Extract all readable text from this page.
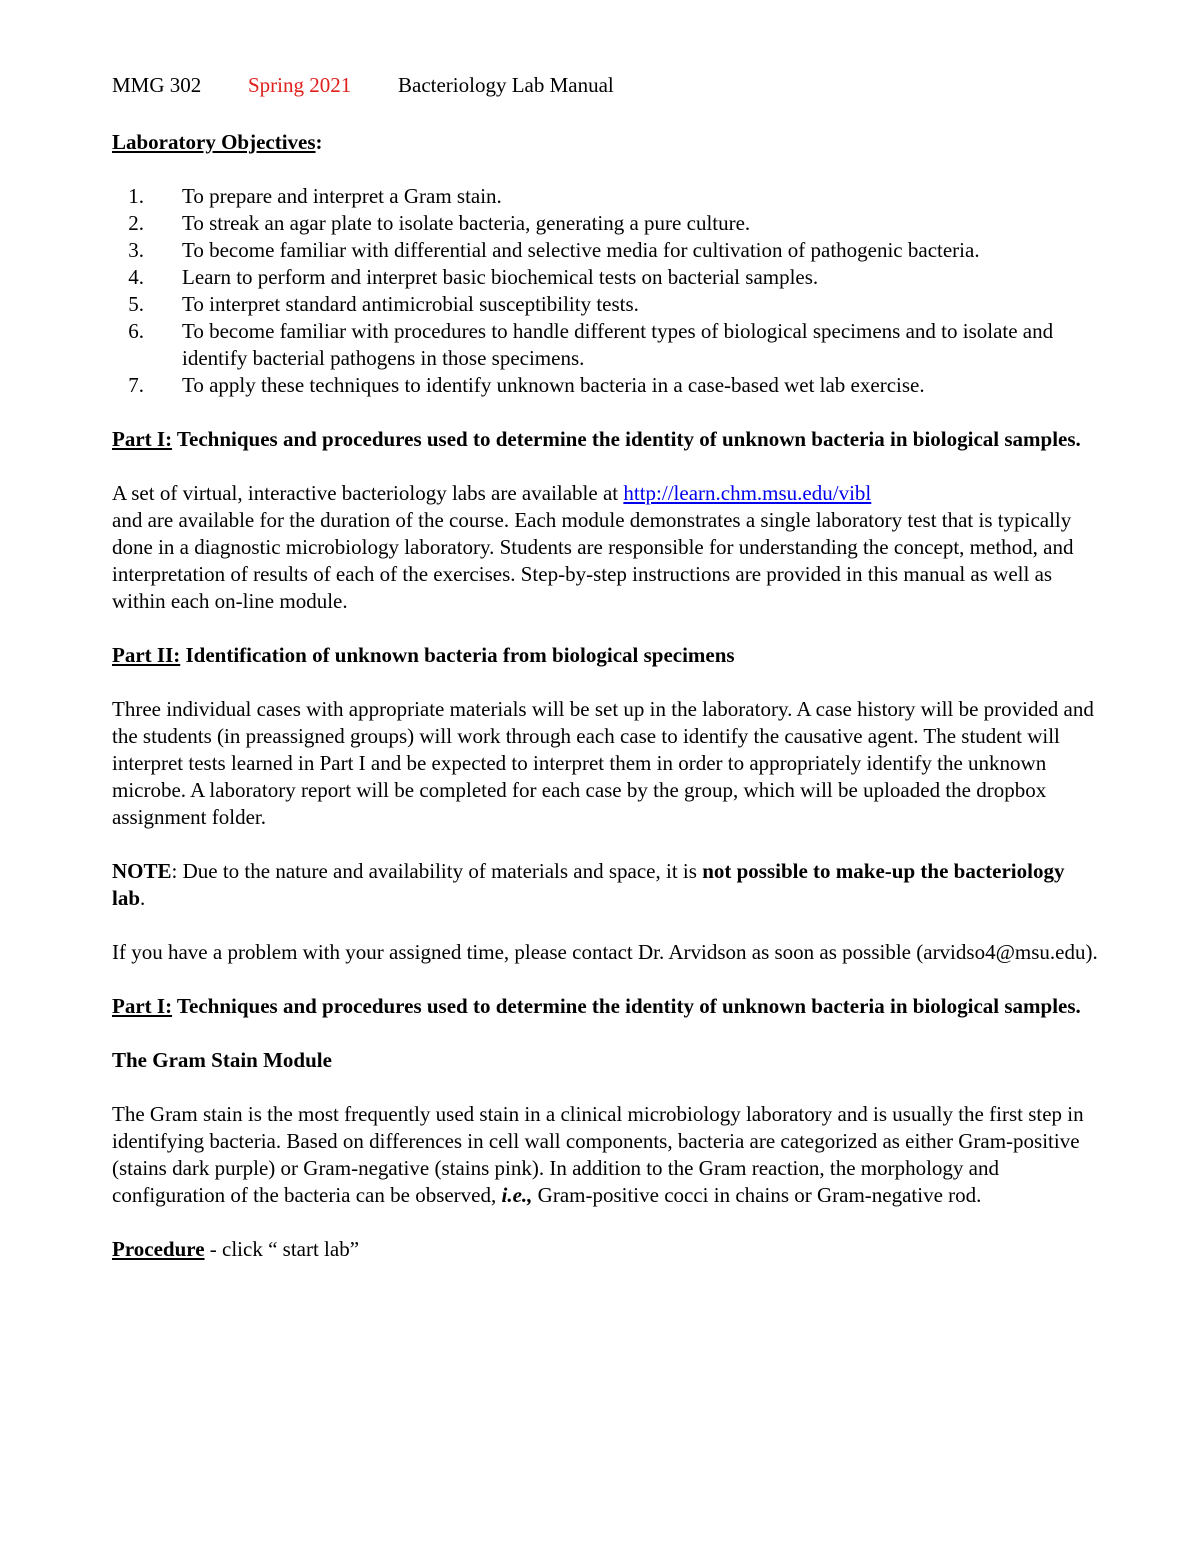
MMG 302 Spring 2021 Bacteriology Lab Manual

Laboratory Objectives:

1. To prepare and interpret a Gram stain.
2. To streak an agar plate to isolate bacteria, generating a pure culture.
3. To become familiar with differential and selective media for cultivation of pathogenic bacteria.
4. Learn to perform and interpret basic biochemical tests on bacterial samples.
5. To interpret standard antimicrobial susceptibility tests.
6. To become familiar with procedures to handle different types of biological specimens and to isolate and identify bacterial pathogens in those specimens.
7. To apply these techniques to identify unknown bacteria in a case-based wet lab exercise.

Part I: Techniques and procedures used to determine the identity of unknown bacteria in biological samples.

A set of virtual, interactive bacteriology labs are available at http://learn.chm.msu.edu/vibl
and are available for the duration of the course. Each module demonstrates a single laboratory test that is typically done in a diagnostic microbiology laboratory. Students are responsible for understanding the concept, method, and interpretation of results of each of the exercises. Step-by-step instructions are provided in this manual as well as within each on-line module.

Part II: Identification of unknown bacteria from biological specimens

Three individual cases with appropriate materials will be set up in the laboratory. A case history will be provided and the students (in preassigned groups) will work through each case to identify the causative agent. The student will interpret tests learned in Part I and be expected to interpret them in order to appropriately identify the unknown microbe. A laboratory report will be completed for each case by the group, which will be uploaded the dropbox assignment folder.

NOTE: Due to the nature and availability of materials and space, it is not possible to make-up the bacteriology lab.

If you have a problem with your assigned time, please contact Dr. Arvidson as soon as possible (arvidso4@msu.edu).

Part I: Techniques and procedures used to determine the identity of unknown bacteria in biological samples.

The Gram Stain Module

The Gram stain is the most frequently used stain in a clinical microbiology laboratory and is usually the first step in identifying bacteria. Based on differences in cell wall components, bacteria are categorized as either Gram-positive (stains dark purple) or Gram-negative (stains pink). In addition to the Gram reaction, the morphology and configuration of the bacteria can be observed, i.e., Gram-positive cocci in chains or Gram-negative rod.

Procedure - click “ start lab”
